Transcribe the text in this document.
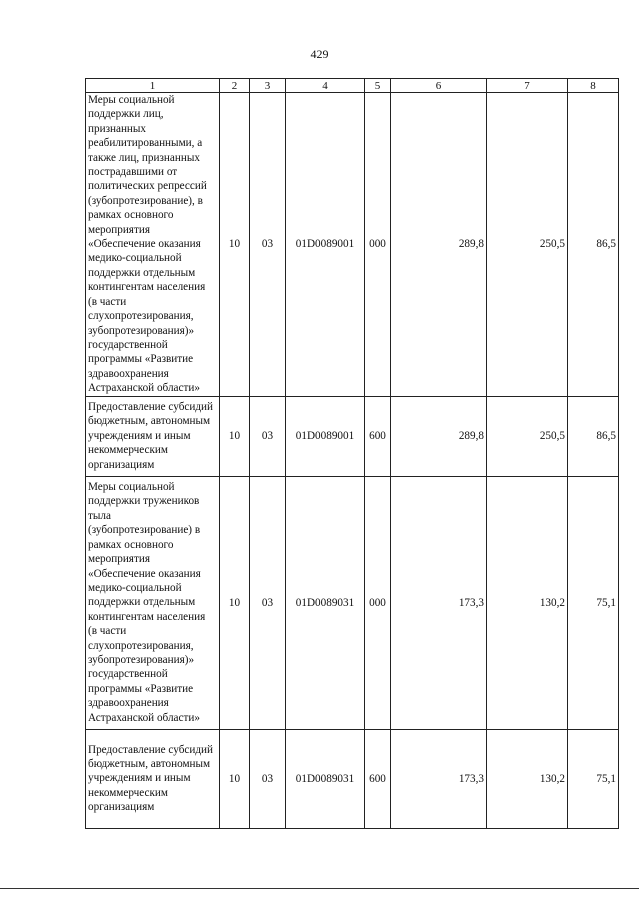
429
1	2	3	4	5	6	7	8
Меры социальной поддержки лиц, признанных реабилитированными, а также лиц, признанных пострадавшими от политических репрессий (зубопротезирование), в рамках основного мероприятия «Обеспечение оказания медико-социальной поддержки отдельным контингентам населения (в части слухопротезирования, зубопротезирования)» государственной программы «Развитие здравоохранения Астраханской области»	10	03	01D0089001	000	289,8	250,5	86,5
Предоставление субсидий бюджетным, автономным учреждениям и иным некоммерческим организациям	10	03	01D0089001	600	289,8	250,5	86,5
Меры социальной поддержки тружеников тыла (зубопротезирование) в рамках основного мероприятия «Обеспечение оказания медико-социальной поддержки отдельным контингентам населения (в части слухопротезирования, зубопротезирования)» государственной программы «Развитие здравоохранения Астраханской области»	10	03	01D0089031	000	173,3	130,2	75,1
Предоставление субсидий бюджетным, автономным учреждениям и иным некоммерческим организациям	10	03	01D0089031	600	173,3	130,2	75,1
